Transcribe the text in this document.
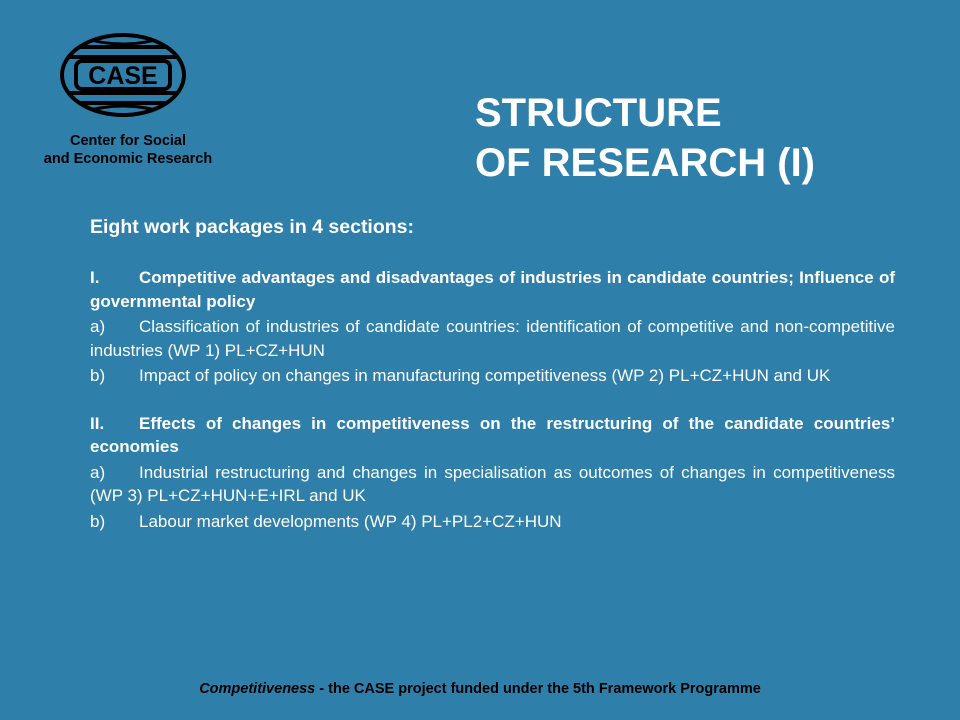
CASE
Center for Social
and Economic Research
STRUCTURE
OF RESEARCH (I)

Eight work packages in 4 sections:

I. Competitive advantages and disadvantages of industries in candidate countries; Influence of governmental policy

a) Classification of industries of candidate countries: identification of competitive and non-competitive industries (WP 1) PL+CZ+HUN

b) Impact of policy on changes in manufacturing competitiveness (WP 2) PL+CZ+HUN and UK

II. Effects of changes in competitiveness on the restructuring of the candidate countries’ economies

a) Industrial restructuring and changes in specialisation as outcomes of changes in competitiveness (WP 3) PL+CZ+HUN+E+IRL and UK

b) Labour market developments (WP 4) PL+PL2+CZ+HUN

Competitiveness - the CASE project funded under the 5th Framework Programme
